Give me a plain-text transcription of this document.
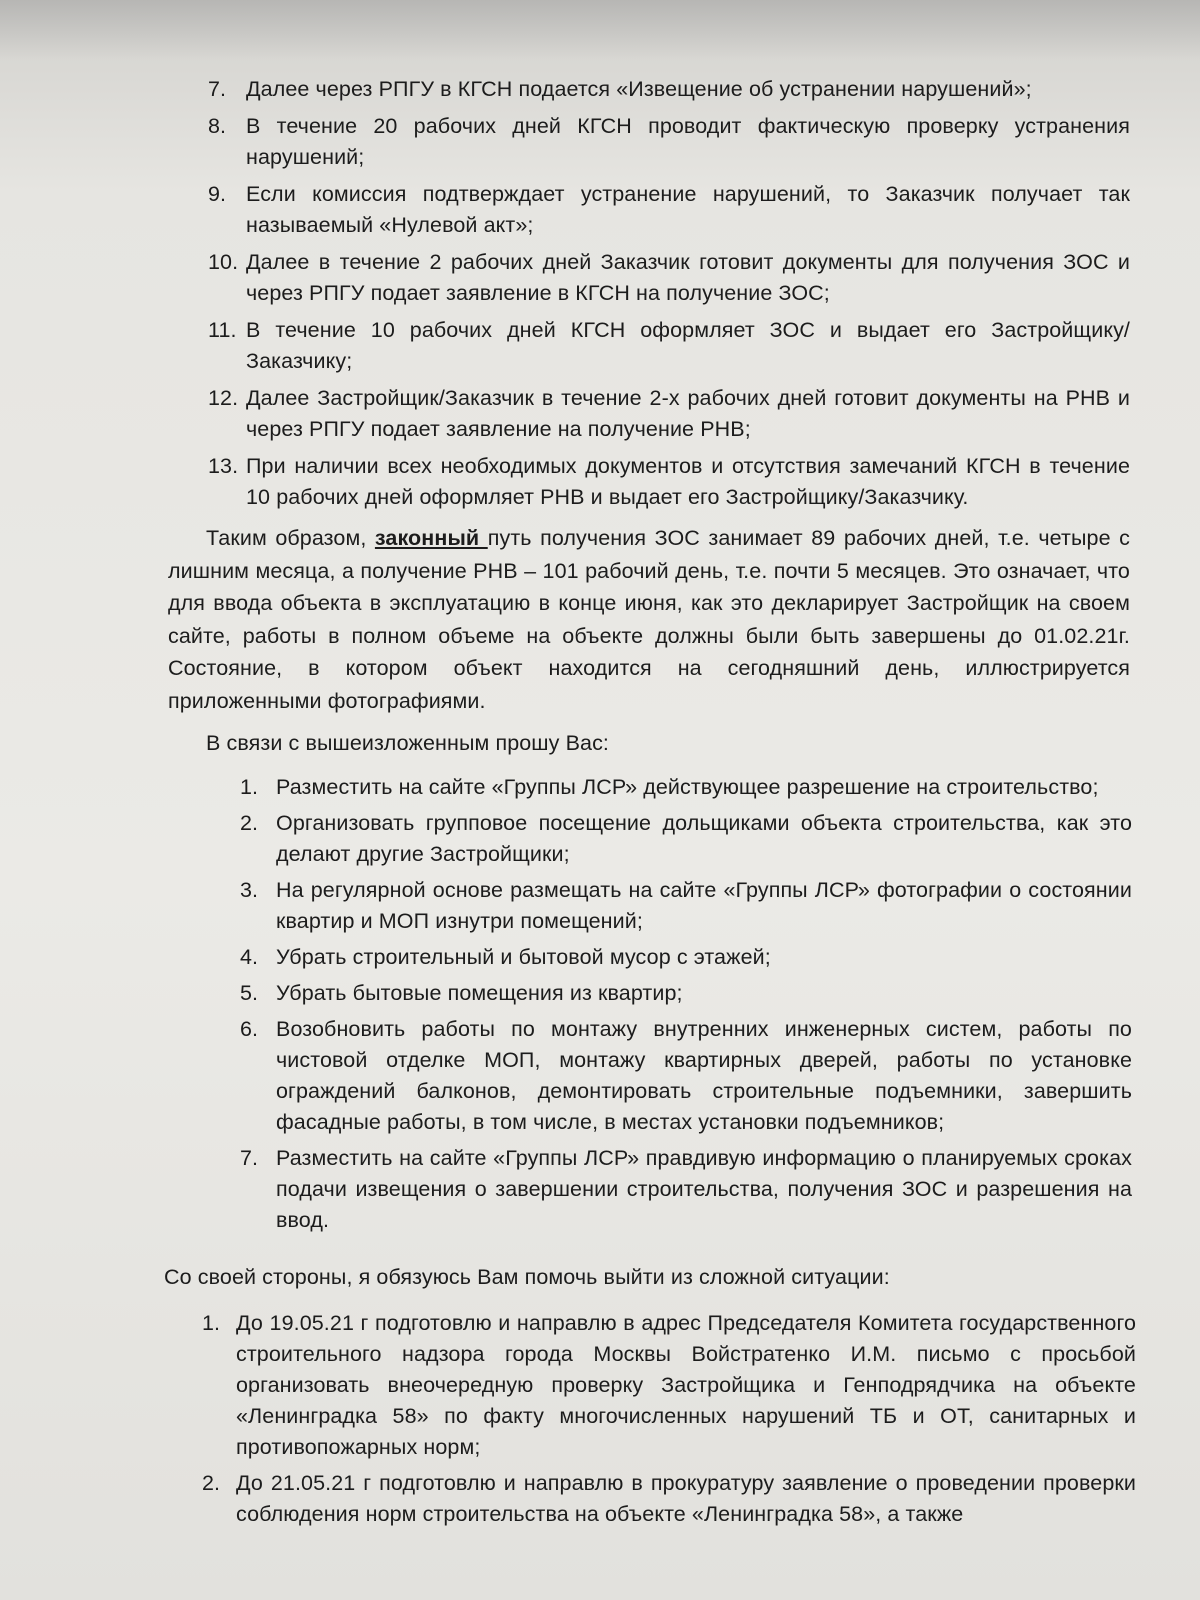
7. Далее через РПГУ в КГСН подается «Извещение об устранении нарушений»;
8. В течение 20 рабочих дней КГСН проводит фактическую проверку устранения нарушений;
9. Если комиссия подтверждает устранение нарушений, то Заказчик получает так называемый «Нулевой акт»;
10. Далее в течение 2 рабочих дней Заказчик готовит документы для получения ЗОС и через РПГУ подает заявление в КГСН на получение ЗОС;
11. В течение 10 рабочих дней КГСН оформляет ЗОС и выдает его Застройщику/Заказчику;
12. Далее Застройщик/Заказчик в течение 2-х рабочих дней готовит документы на РНВ и через РПГУ подает заявление на получение РНВ;
13. При наличии всех необходимых документов и отсутствия замечаний КГСН в течение 10 рабочих дней оформляет РНВ и выдает его Застройщику/Заказчику.

Таким образом, законный путь получения ЗОС занимает 89 рабочих дней, т.е. четыре с лишним месяца, а получение РНВ – 101 рабочий день, т.е. почти 5 месяцев. Это означает, что для ввода объекта в эксплуатацию в конце июня, как это декларирует Застройщик на своем сайте, работы в полном объеме на объекте должны были быть завершены до 01.02.21г. Состояние, в котором объект находится на сегодняшний день, иллюстрируется приложенными фотографиями.

В связи с вышеизложенным прошу Вас:

1. Разместить на сайте «Группы ЛСР» действующее разрешение на строительство;
2. Организовать групповое посещение дольщиками объекта строительства, как это делают другие Застройщики;
3. На регулярной основе размещать на сайте «Группы ЛСР» фотографии о состоянии квартир и МОП изнутри помещений;
4. Убрать строительный и бытовой мусор с этажей;
5. Убрать бытовые помещения из квартир;
6. Возобновить работы по монтажу внутренних инженерных систем, работы по чистовой отделке МОП, монтажу квартирных дверей, работы по установке ограждений балконов, демонтировать строительные подъемники, завершить фасадные работы, в том числе, в местах установки подъемников;
7. Разместить на сайте «Группы ЛСР» правдивую информацию о планируемых сроках подачи извещения о завершении строительства, получения ЗОС и разрешения на ввод.

Со своей стороны, я обязуюсь Вам помочь выйти из сложной ситуации:

1. До 19.05.21 г подготовлю и направлю в адрес Председателя Комитета государственного строительного надзора города Москвы Войстратенко И.М. письмо с просьбой организовать внеочередную проверку Застройщика и Генподрядчика на объекте «Ленинградка 58» по факту многочисленных нарушений ТБ и ОТ, санитарных и противопожарных норм;
2. До 21.05.21 г подготовлю и направлю в прокуратуру заявление о проведении проверки соблюдения норм строительства на объекте «Ленинградка 58», а также
